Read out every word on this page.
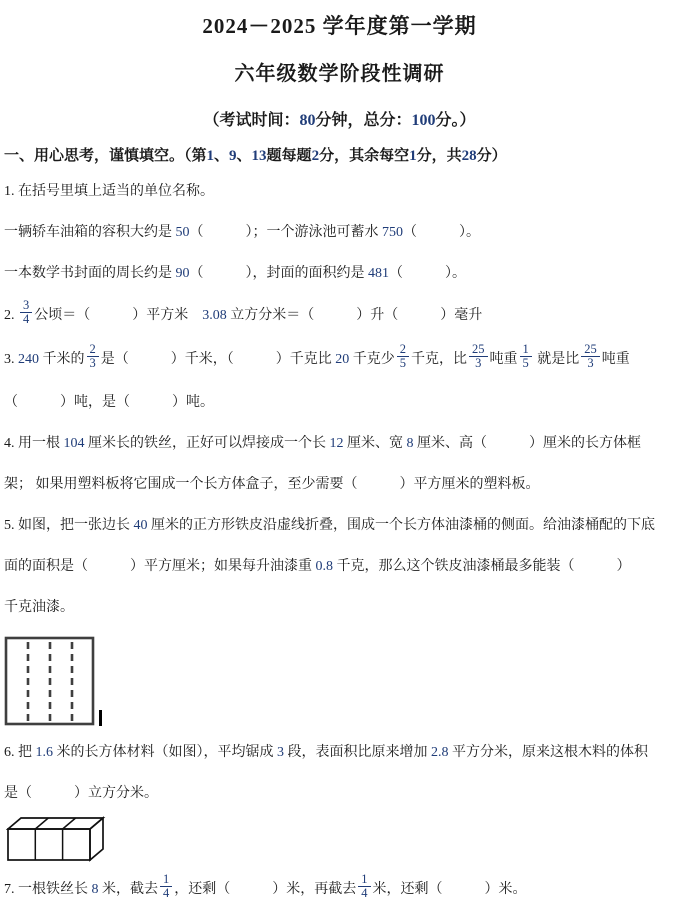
2024－2025 学年度第一学期
六年级数学阶段性调研
（考试时间：80分钟，总分：100分。）
一、用心思考，谨慎填空。（第1、9、13题每题2分，其余每空1分，共28分）

1. 在括号里填上适当的单位名称。

一辆轿车油箱的容积大约是 50（　　　）；一个游泳池可蓄水 750（　　　）。

一本数学书封面的周长约是 90（　　　），封面的面积约是 481（　　　）。

2. $\frac{3}{4}$ 公顷＝（　　　）平方米　3.08 立方分米＝（　　　）升（　　　）毫升

3. 240 千米的 $\frac{2}{3}$ 是（　　　）千米，（　　　）千克比 20 千克少 $\frac{2}{5}$ 千克，比 $\frac{25}{3}$ 吨重 $\frac{1}{5}$ 就是比 $\frac{25}{3}$ 吨重

（　　　）吨，是（　　　）吨。

4. 用一根 104 厘米长的铁丝，正好可以焊接成一个长 12 厘米、宽 8 厘米、高（　　　）厘米的长方体框

架； 如果用塑料板将它围成一个长方体盒子，至少需要（　　　）平方厘米的塑料板。

5. 如图，把一张边长 40 厘米的正方形铁皮沿虚线折叠，围成一个长方体油漆桶的侧面。给油漆桶配的下底

面的面积是（　　　）平方厘米；如果每升油漆重 0.8 千克，那么这个铁皮油漆桶最多能装（　　　）

千克油漆。

6. 把 1.6 米的长方体材料（如图），平均锯成 3 段，表面积比原来增加 2.8 平方分米，原来这根木料的体积

是（　　　）立方分米。

7. 一根铁丝长 8 米，截去 $\frac{1}{4}$ ，还剩（　　　）米，再截去 $\frac{1}{4}$ 米，还剩（　　　）米。
